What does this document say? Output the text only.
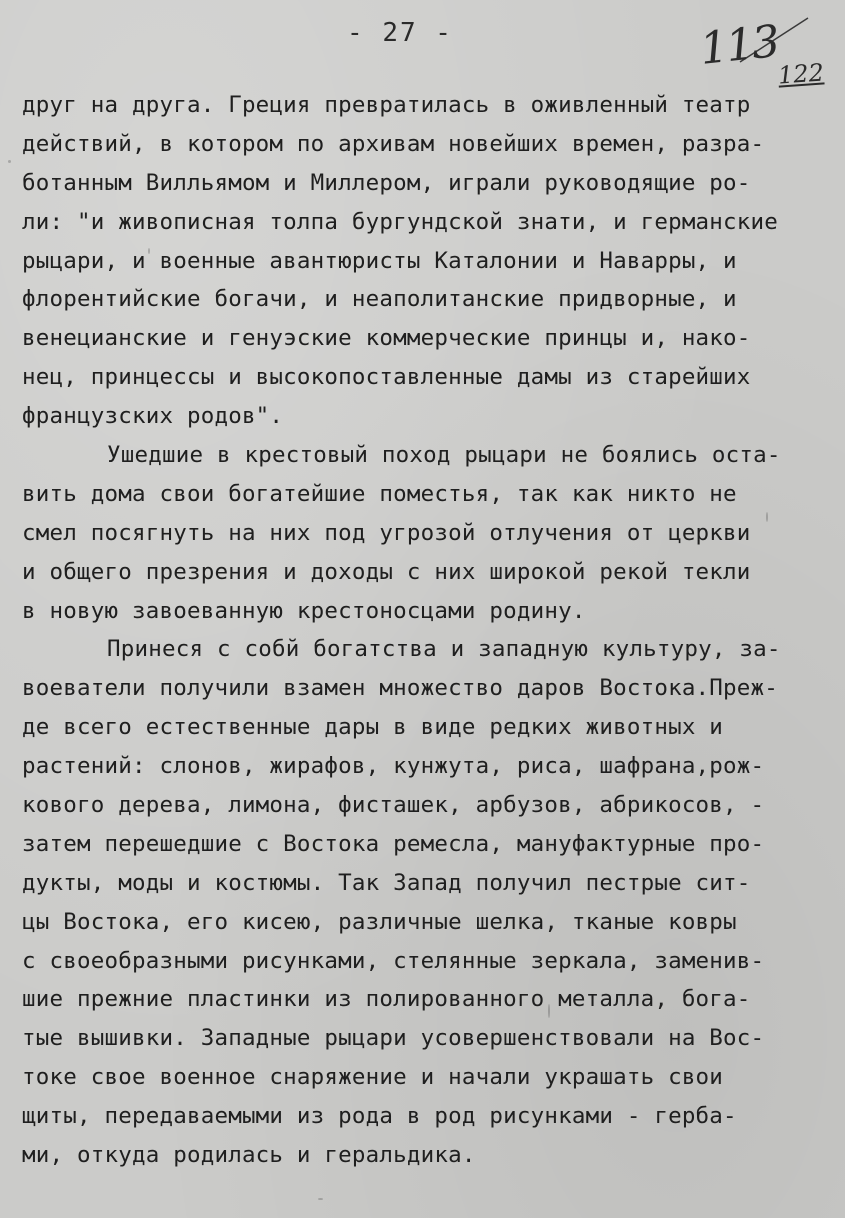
- 27 -	113
122
друг на друга. Греция превратилась в оживленный театр
действий, в котором по архивам новейших времен, разра-
ботанным Вилльямом и Миллером, играли руководящие ро-
ли: "и живописная толпа бургундской знати, и германские
рыцари, и военные авантюристы Каталонии и Наварры, и
флорентийские богачи, и неаполитанские придворные, и
венецианские и генуэские коммерческие принцы и, нако-
нец, принцессы и высокопоставленные дамы из старейших
французских родов".
Ушедшие в крестовый поход рыцари не боялись оста-
вить дома свои богатейшие поместья, так как никто не
смел посягнуть на них под угрозой отлучения от церкви
и общего презрения и доходы с них широкой рекой текли
в новую завоеванную крестоносцами родину.
Принеся с собй богатства и западную культуру, за-
воеватели получили взамен множество даров Востока.Преж-
де всего естественные дары в виде редких животных и
растений: слонов, жирафов, кунжута, риса, шафрана,рож-
кового дерева, лимона, фисташек, арбузов, абрикосов, -
затем перешедшие с Востока ремесла, мануфактурные про-
дукты, моды и костюмы. Так Запад получил пестрые сит-
цы Востока, его кисею, различные шелка, тканые ковры
с своеобразными рисунками, стелянные зеркала, заменив-
шие прежние пластинки из полированного металла, бога-
тые вышивки. Западные рыцари усовершенствовали на Вос-
токе свое военное снаряжение и начали украшать свои
щиты, передаваемыми из рода в род рисунками - герба-
ми, откуда родилась и геральдика.
